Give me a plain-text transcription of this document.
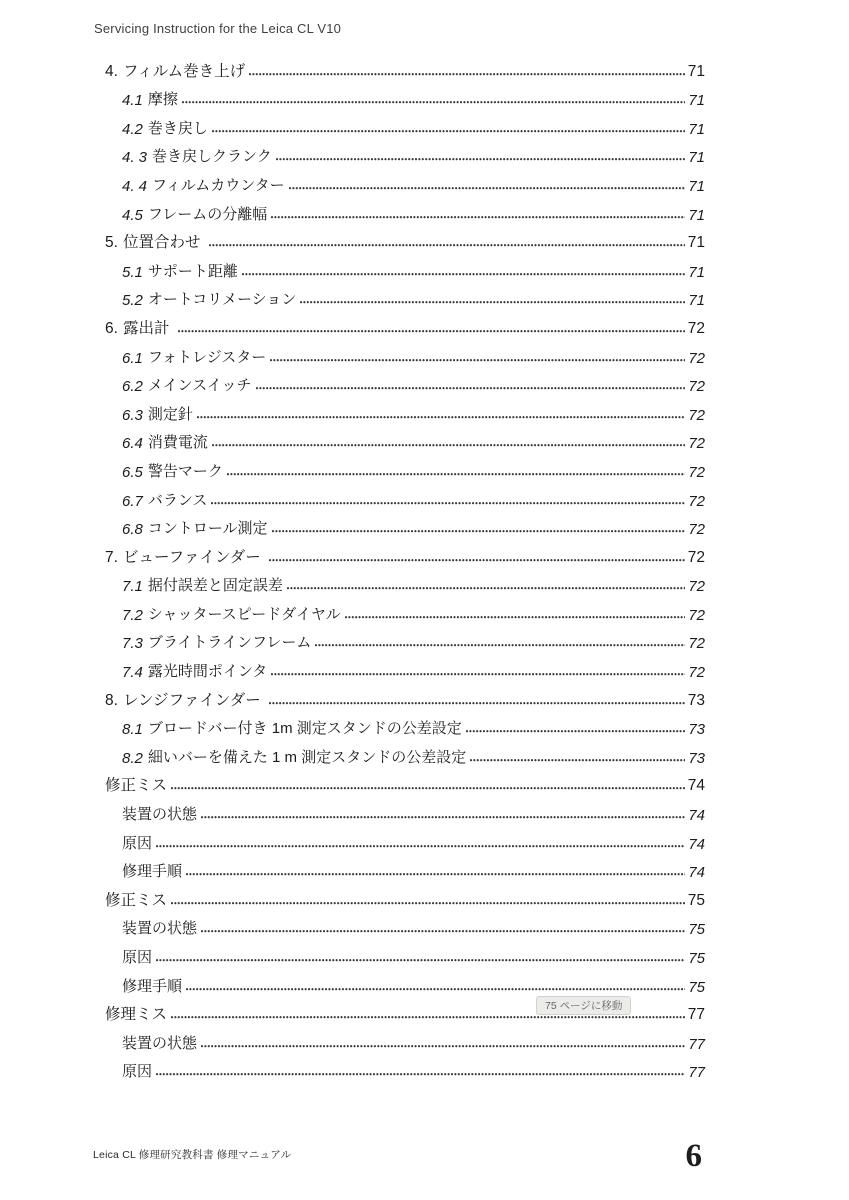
Servicing Instruction for the Leica CL V10
4. フィルム巻き上げ	71
4.1 摩擦	71
4.2 巻き戻し	71
4. 3 巻き戻しクランク	71
4. 4 フィルムカウンター	71
4.5 フレームの分離幅	71
5. 位置合わせ	71
5.1 サポート距離	71
5.2 オートコリメーション	71
6. 露出計	72
6.1 フォトレジスター	72
6.2 メインスイッチ	72
6.3 測定針	72
6.4 消費電流	72
6.5 警告マーク	72
6.7 バランス	72
6.8 コントロール測定	72
7. ビューファインダー	72
7.1 据付誤差と固定誤差	72
7.2 シャッタースピードダイヤル	72
7.3 ブライトラインフレーム	72
7.4 露光時間ポインタ	72
8. レンジファインダー	73
8.1 ブロードバー付き 1m 測定スタンドの公差設定	73
8.2 細いバーを備えた 1 m 測定スタンドの公差設定	73
修正ミス	74
装置の状態	74
原因	74
修理手順	74
修正ミス	75
装置の状態	75
原因	75
修理手順	75
修理ミス	77
装置の状態	77
原因	77
75 ページに移動
Leica CL 修理研究教科書 修理マニュアル	6
